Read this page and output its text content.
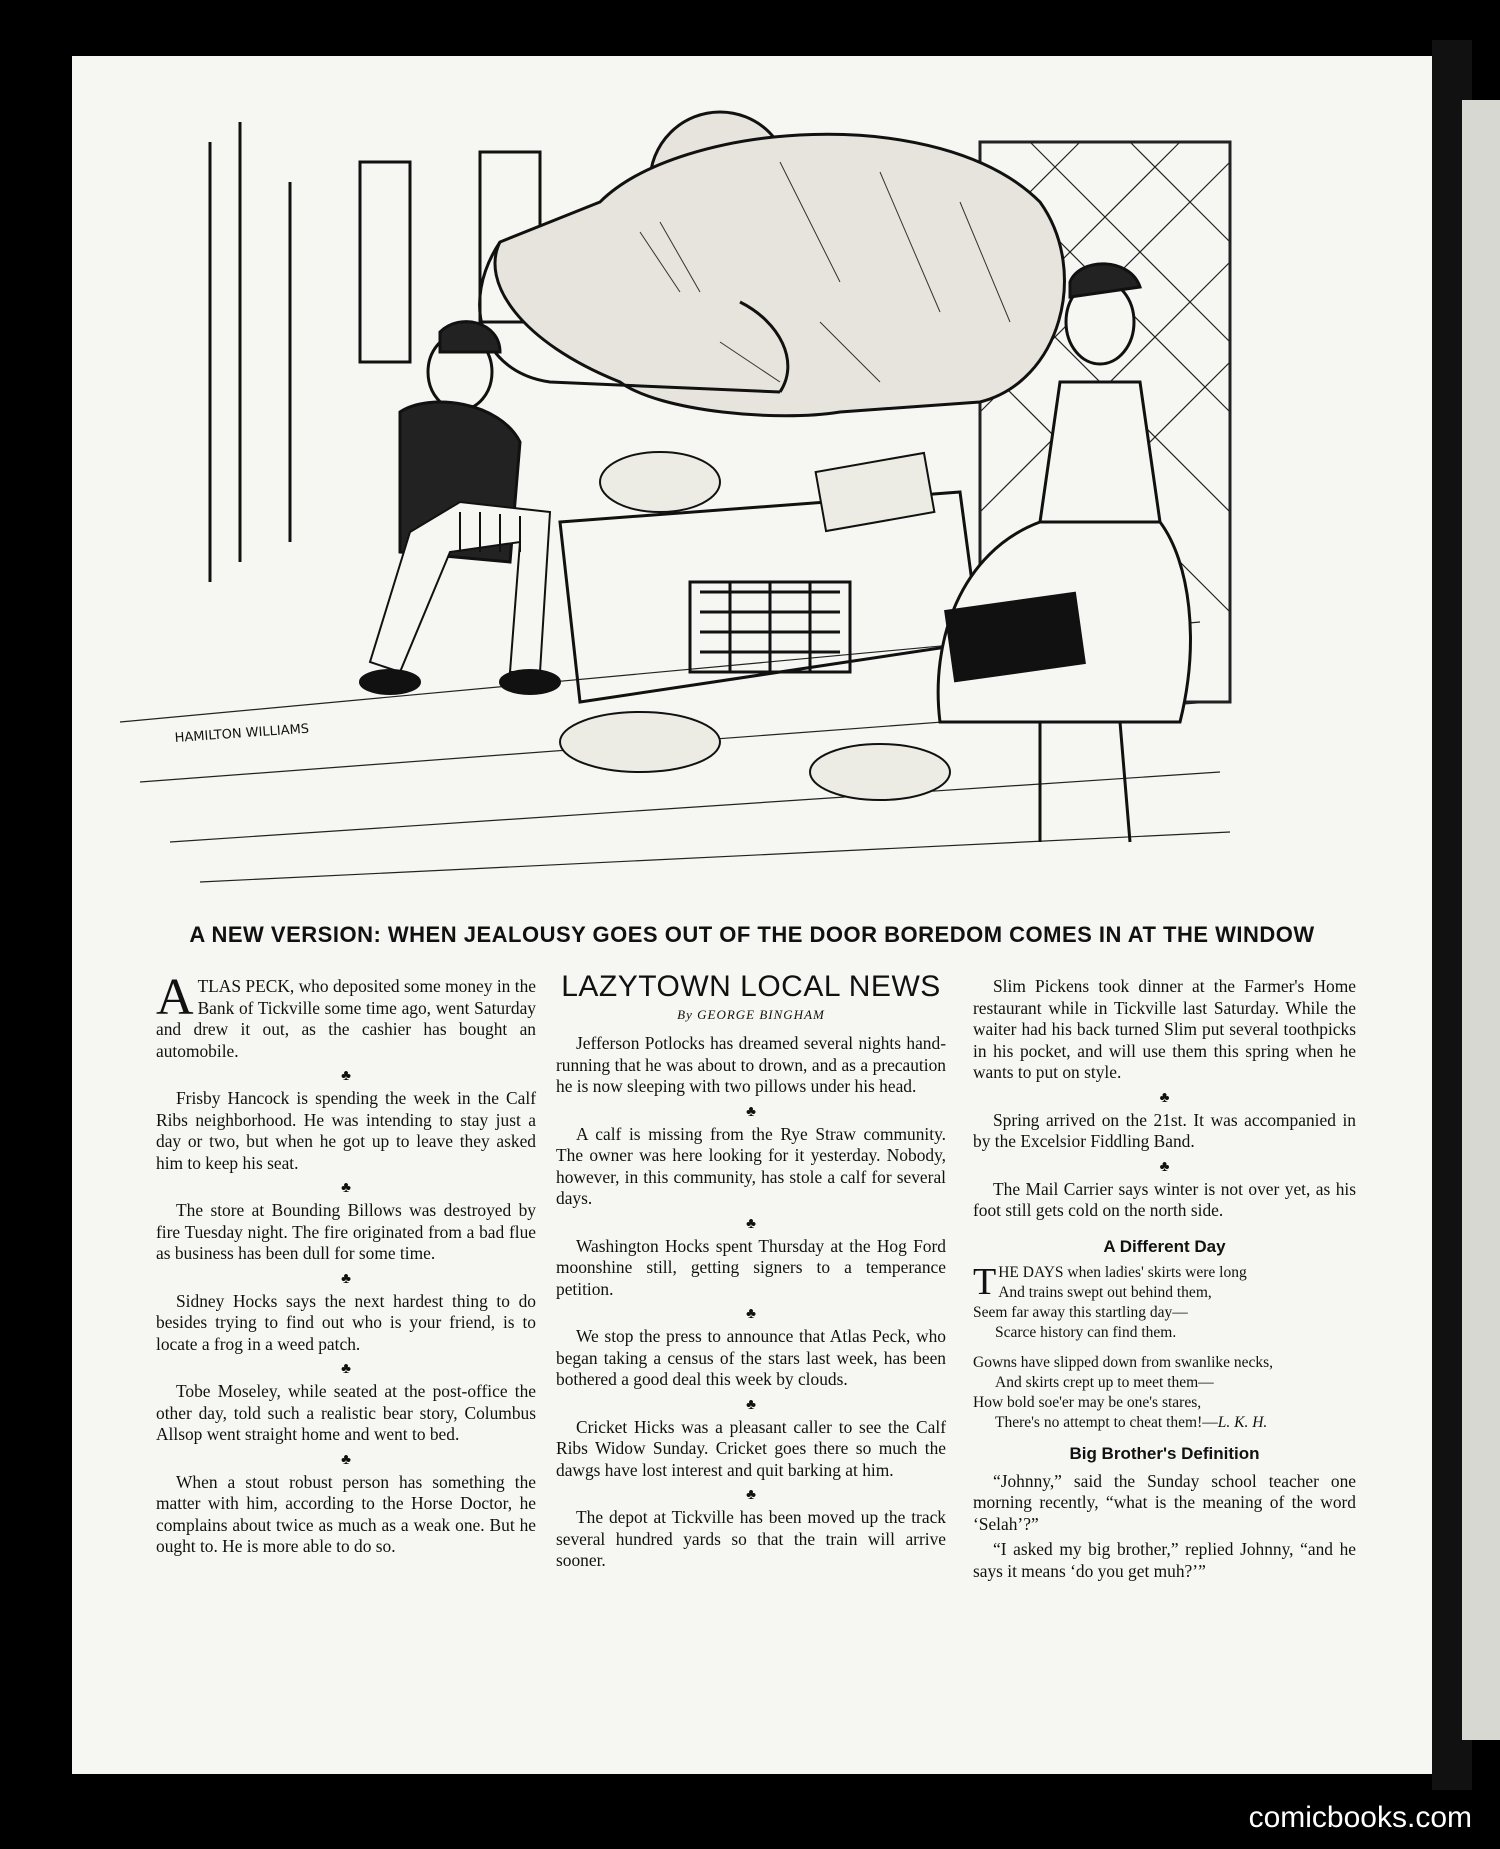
HAMILTON WILLIAMS
A NEW VERSION: WHEN JEALOUSY GOES OUT OF THE DOOR BOREDOM COMES IN AT THE WINDOW

ATLAS PECK, who deposited some money in the Bank of Tickville some time ago, went Saturday and drew it out, as the cashier has bought an automobile.

♣

Frisby Hancock is spending the week in the Calf Ribs neighborhood. He was intending to stay just a day or two, but when he got up to leave they asked him to keep his seat.

♣

The store at Bounding Billows was destroyed by fire Tuesday night. The fire originated from a bad flue as business has been dull for some time.

♣

Sidney Hocks says the next hardest thing to do besides trying to find out who is your friend, is to locate a frog in a weed patch.

♣

Tobe Moseley, while seated at the post-office the other day, told such a realistic bear story, Columbus Allsop went straight home and went to bed.

♣

When a stout robust person has something the matter with him, according to the Horse Doctor, he complains about twice as much as a weak one. But he ought to. He is more able to do so.

LAZYTOWN LOCAL NEWS
By GEORGE BINGHAM

Jefferson Potlocks has dreamed several nights hand-running that he was about to drown, and as a precaution he is now sleeping with two pillows under his head.

♣

A calf is missing from the Rye Straw community. The owner was here looking for it yesterday. Nobody, however, in this community, has stole a calf for several days.

♣

Washington Hocks spent Thursday at the Hog Ford moonshine still, getting signers to a temperance petition.

♣

We stop the press to announce that Atlas Peck, who began taking a census of the stars last week, has been bothered a good deal this week by clouds.

♣

Cricket Hicks was a pleasant caller to see the Calf Ribs Widow Sunday. Cricket goes there so much the dawgs have lost interest and quit barking at him.

♣

The depot at Tickville has been moved up the track several hundred yards so that the train will arrive sooner.

Slim Pickens took dinner at the Farmer's Home restaurant while in Tickville last Saturday. While the waiter had his back turned Slim put several toothpicks in his pocket, and will use them this spring when he wants to put on style.

♣

Spring arrived on the 21st. It was accompanied in by the Excelsior Fiddling Band.

♣

The Mail Carrier says winter is not over yet, as his foot still gets cold on the north side.

A Different Day
THE DAYS when ladies' skirts were long
And trains swept out behind them,
Seem far away this startling day—
Scarce history can find them.
Gowns have slipped down from swanlike necks,
And skirts crept up to meet them—
How bold soe'er may be one's stares,
There's no attempt to cheat them!—L. K. H.
Big Brother's Definition

“Johnny,” said the Sunday school teacher one morning recently, “what is the meaning of the word ‘Selah’?”

“I asked my big brother,” replied Johnny, “and he says it means ‘do you get muh?’”

comicbooks.com
